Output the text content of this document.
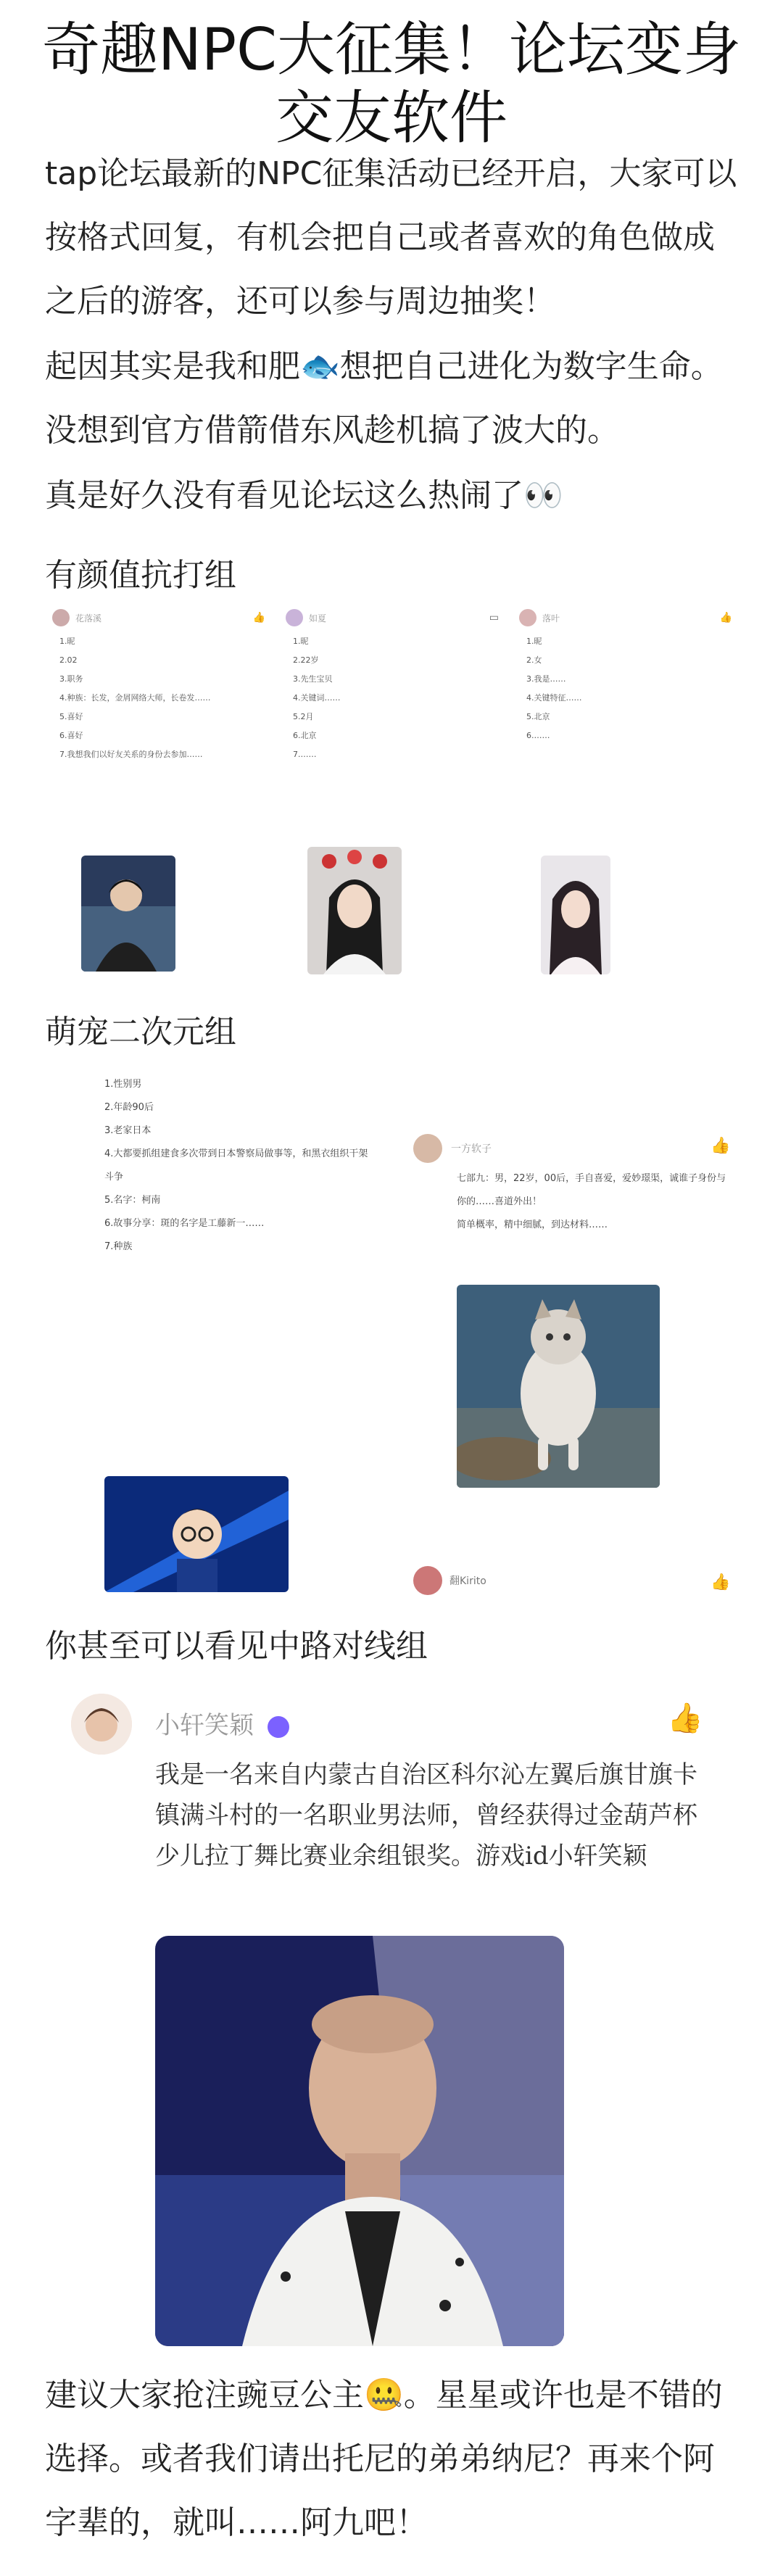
奇趣NPC大征集！论坛变身交友软件

tap论坛最新的NPC征集活动已经开启，大家可以按格式回复，有机会把自己或者喜欢的角色做成之后的游客，还可以参与周边抽奖！

起因其实是我和肥🐟想把自己进化为数字生命。没想到官方借箭借东风趁机搞了波大的。

真是好久没有看见论坛这么热闹了👀

有颜值抗打组
花落溪	👍
1.昵
2.02
3.职务
4.种族：长发，金屑网络大师，长卷发……
5.喜好
6.喜好
7.我想我们以好友关系的身份去参加……
如夏	▭
1.昵
2.22岁
3.先生宝贝
4.关键词……
5.2月
6.北京
7.……
落叶	👍
1.昵
2.女
3.我是……
4.关键特征……
5.北京
6.……
萌宠二次元组
1.性别男
2.年龄90后
3.老家日本
4.大都要抓组建食多次带到日本警察局做事等，和黑衣组织干架斗争
5.名字：柯南
6.故事分享：斑的名字是工藤新一……
7.种族
一方软子	👍
七部九：男，22岁，00后，手自喜爱，爱妙璟渠，诚谁子身份与你的……喜道外出！
简单概率，精中细腻，到达材料……
翻Kirito	👍
你甚至可以看见中路对线组
小轩笑颖	👍
我是一名来自内蒙古自治区科尔沁左翼后旗甘旗卡镇满斗村的一名职业男法师，曾经获得过金葫芦杯少儿拉丁舞比赛业余组银奖。游戏id小轩笑颖

建议大家抢注豌豆公主🤐。星星或许也是不错的选择。或者我们请出托尼的弟弟纳尼？再来个阿字辈的，就叫……阿九吧！
